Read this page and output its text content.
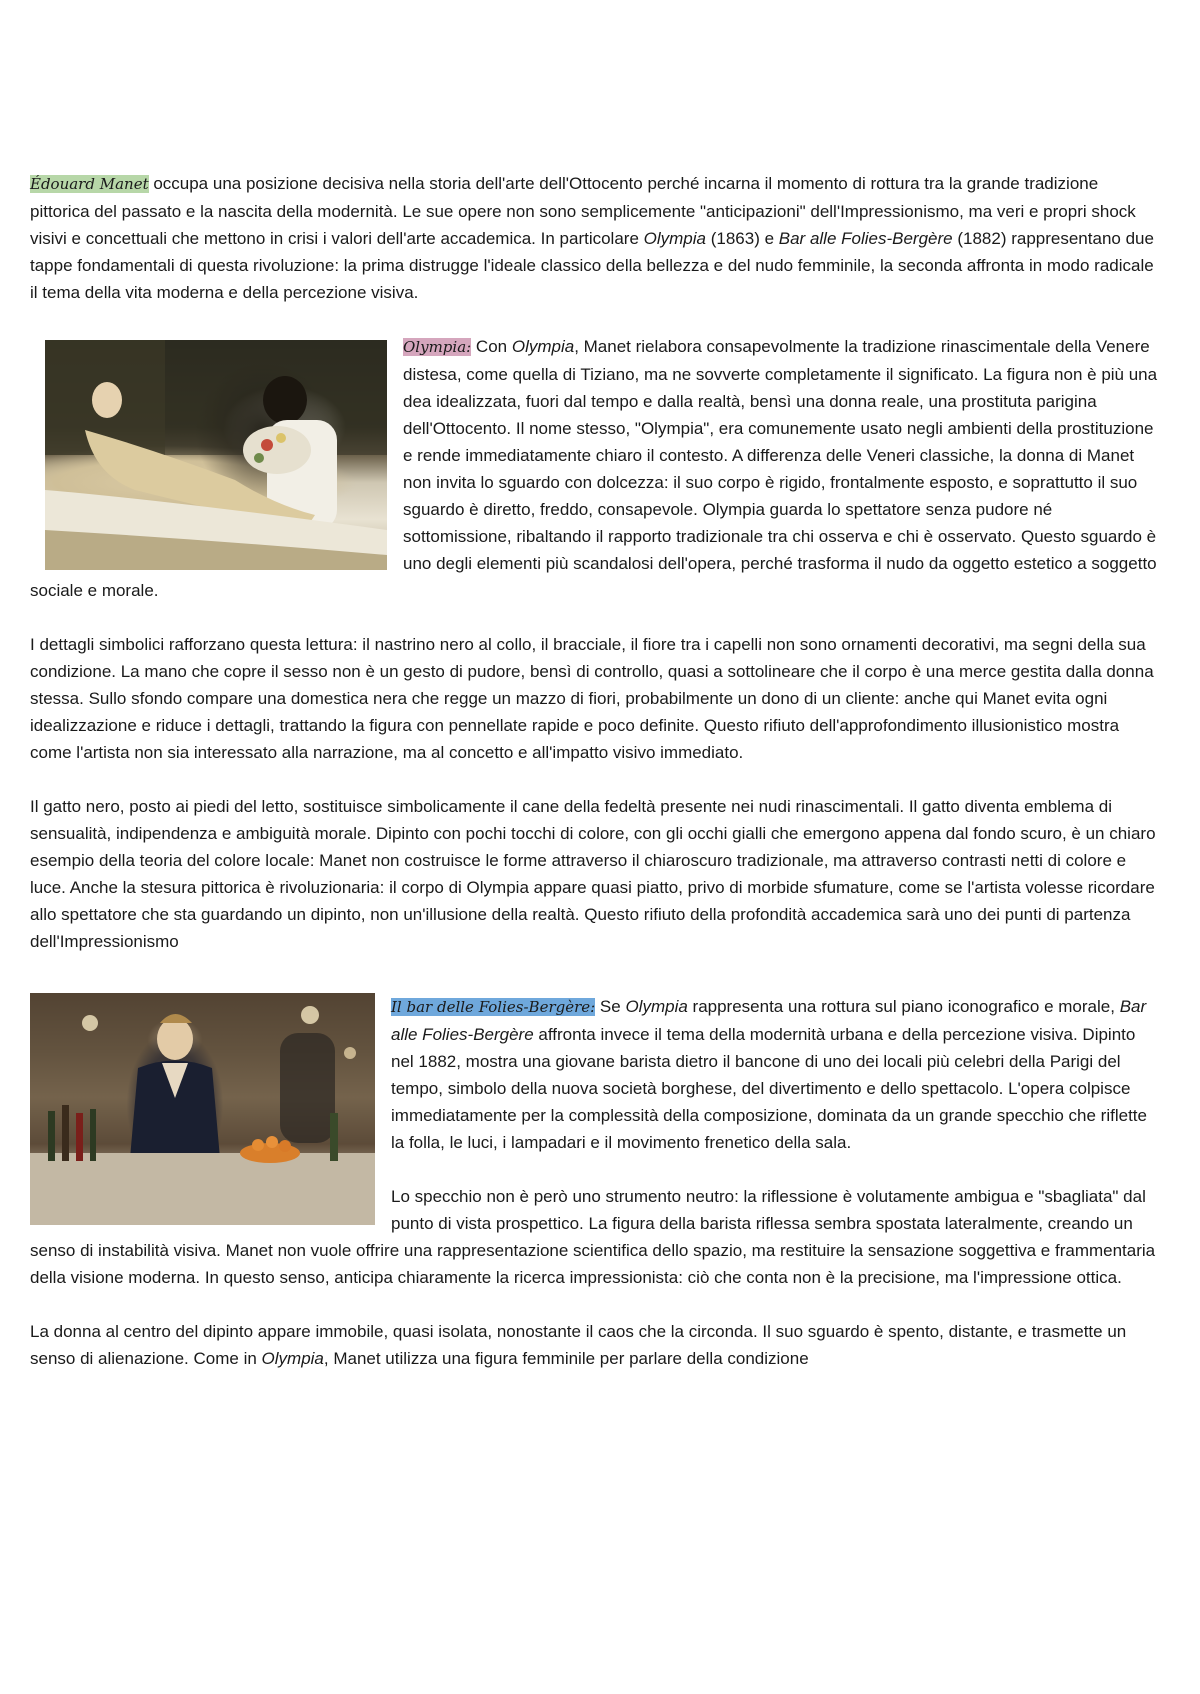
Édouard Manet occupa una posizione decisiva nella storia dell'arte dell'Ottocento perché incarna il momento di rottura tra la grande tradizione pittorica del passato e la nascita della modernità. Le sue opere non sono semplicemente "anticipazioni" dell'Impressionismo, ma veri e propri shock visivi e concettuali che mettono in crisi i valori dell'arte accademica. In particolare Olympia (1863) e Bar alle Folies-Bergère (1882) rappresentano due tappe fondamentali di questa rivoluzione: la prima distrugge l'ideale classico della bellezza e del nudo femminile, la seconda affronta in modo radicale il tema della vita moderna e della percezione visiva.

Olympia: Con Olympia, Manet rielabora consapevolmente la tradizione rinascimentale della Venere distesa, come quella di Tiziano, ma ne sovverte completamente il significato. La figura non è più una dea idealizzata, fuori dal tempo e dalla realtà, bensì una donna reale, una prostituta parigina dell'Ottocento. Il nome stesso, "Olympia", era comunemente usato negli ambienti della prostituzione e rende immediatamente chiaro il contesto. A differenza delle Veneri classiche, la donna di Manet non invita lo sguardo con dolcezza: il suo corpo è rigido, frontalmente esposto, e soprattutto il suo sguardo è diretto, freddo, consapevole. Olympia guarda lo spettatore senza pudore né sottomissione, ribaltando il rapporto tradizionale tra chi osserva e chi è osservato. Questo sguardo è uno degli elementi più scandalosi dell'opera, perché trasforma il nudo da oggetto estetico a soggetto sociale e morale.

I dettagli simbolici rafforzano questa lettura: il nastrino nero al collo, il bracciale, il fiore tra i capelli non sono ornamenti decorativi, ma segni della sua condizione. La mano che copre il sesso non è un gesto di pudore, bensì di controllo, quasi a sottolineare che il corpo è una merce gestita dalla donna stessa. Sullo sfondo compare una domestica nera che regge un mazzo di fiori, probabilmente un dono di un cliente: anche qui Manet evita ogni idealizzazione e riduce i dettagli, trattando la figura con pennellate rapide e poco definite. Questo rifiuto dell'approfondimento illusionistico mostra come l'artista non sia interessato alla narrazione, ma al concetto e all'impatto visivo immediato.

Il gatto nero, posto ai piedi del letto, sostituisce simbolicamente il cane della fedeltà presente nei nudi rinascimentali. Il gatto diventa emblema di sensualità, indipendenza e ambiguità morale. Dipinto con pochi tocchi di colore, con gli occhi gialli che emergono appena dal fondo scuro, è un chiaro esempio della teoria del colore locale: Manet non costruisce le forme attraverso il chiaroscuro tradizionale, ma attraverso contrasti netti di colore e luce. Anche la stesura pittorica è rivoluzionaria: il corpo di Olympia appare quasi piatto, privo di morbide sfumature, come se l'artista volesse ricordare allo spettatore che sta guardando un dipinto, non un'illusione della realtà. Questo rifiuto della profondità accademica sarà uno dei punti di partenza dell'Impressionismo

Il bar delle Folies-Bergère: Se Olympia rappresenta una rottura sul piano iconografico e morale, Bar alle Folies-Bergère affronta invece il tema della modernità urbana e della percezione visiva. Dipinto nel 1882, mostra una giovane barista dietro il bancone di uno dei locali più celebri della Parigi del tempo, simbolo della nuova società borghese, del divertimento e dello spettacolo. L'opera colpisce immediatamente per la complessità della composizione, dominata da un grande specchio che riflette la folla, le luci, i lampadari e il movimento frenetico della sala.

Lo specchio non è però uno strumento neutro: la riflessione è volutamente ambigua e "sbagliata" dal punto di vista prospettico. La figura della barista riflessa sembra spostata lateralmente, creando un senso di instabilità visiva. Manet non vuole offrire una rappresentazione scientifica dello spazio, ma restituire la sensazione soggettiva e frammentaria della visione moderna. In questo senso, anticipa chiaramente la ricerca impressionista: ciò che conta non è la precisione, ma l'impressione ottica.

La donna al centro del dipinto appare immobile, quasi isolata, nonostante il caos che la circonda. Il suo sguardo è spento, distante, e trasmette un senso di alienazione. Come in Olympia, Manet utilizza una figura femminile per parlare della condizione
